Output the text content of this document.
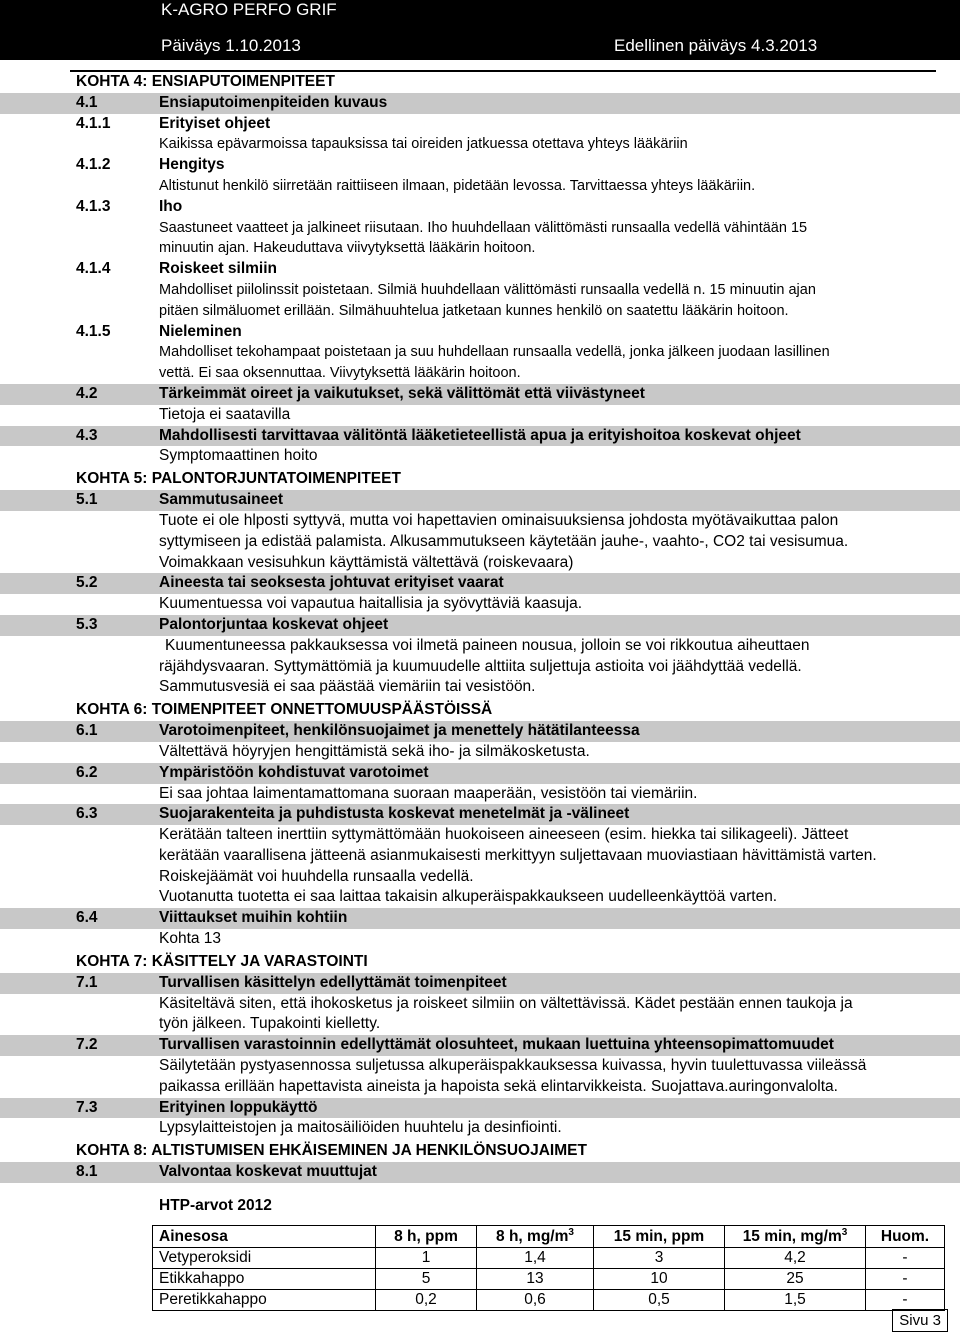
K-AGRO PERFO GRIF
Päiväys 1.10.2013	Edellinen päiväys 4.3.2013
KOHTA 4: ENSIAPUTOIMENPITEET
4.1	Ensiaputoimenpiteiden kuvaus
4.1.1	Erityiset ohjeet
Kaikissa epävarmoissa tapauksissa tai oireiden jatkuessa otettava yhteys lääkäriin
4.1.2	Hengitys
Altistunut henkilö siirretään raittiiseen ilmaan, pidetään levossa. Tarvittaessa yhteys lääkäriin.
4.1.3	Iho
Saastuneet vaatteet ja jalkineet riisutaan. Iho huuhdellaan välittömästi runsaalla vedellä vähintään 15
minuutin ajan. Hakeuduttava viivytyksettä lääkärin hoitoon.
4.1.4	Roiskeet silmiin
Mahdolliset piilolinssit poistetaan. Silmiä huuhdellaan välittömästi runsaalla vedellä n. 15 minuutin ajan
pitäen silmäluomet erillään. Silmähuuhtelua jatketaan kunnes henkilö on saatettu lääkärin hoitoon.
4.1.5	Nieleminen
Mahdolliset tekohampaat poistetaan ja suu huhdellaan runsaalla vedellä, jonka jälkeen juodaan lasillinen
vettä. Ei saa oksennuttaa. Viivytyksettä lääkärin hoitoon.
4.2	Tärkeimmät oireet ja vaikutukset, sekä välittömät että viivästyneet
Tietoja ei saatavilla
4.3	Mahdollisesti tarvittavaa välitöntä lääketieteellistä apua ja erityishoitoa koskevat ohjeet
Symptomaattinen hoito
KOHTA 5: PALONTORJUNTATOIMENPITEET
5.1	Sammutusaineet
Tuote ei ole hlposti syttyvä, mutta voi hapettavien ominaisuuksiensa johdosta myötävaikuttaa palon
syttymiseen ja edistää palamista. Alkusammutukseen käytetään jauhe-, vaahto-, CO2 tai vesisumua.
Voimakkaan vesisuhkun käyttämistä vältettävä (roiskevaara)
5.2	Aineesta tai seoksesta johtuvat erityiset vaarat
Kuumentuessa voi vapautua haitallisia ja syövyttäviä kaasuja.
5.3	Palontorjuntaa koskevat ohjeet
Kuumentuneessa pakkauksessa voi ilmetä paineen nousua, jolloin se voi rikkoutua aiheuttaen
räjähdysvaaran. Syttymättömiä ja kuumuudelle alttiita suljettuja astioita voi jäähdyttää vedellä.
Sammutusvesiä ei saa päästää viemäriin tai vesistöön.
KOHTA 6: TOIMENPITEET ONNETTOMUUSPÄÄSTÖISSÄ
6.1	Varotoimenpiteet, henkilönsuojaimet ja menettely hätätilanteessa
Vältettävä höyryjen hengittämistä sekä iho- ja silmäkosketusta.
6.2	Ympäristöön kohdistuvat varotoimet
Ei saa johtaa laimentamattomana suoraan maaperään, vesistöön tai viemäriin.
6.3	Suojarakenteita ja puhdistusta koskevat menetelmät ja -välineet
Kerätään talteen inerttiin syttymättömään huokoiseen aineeseen (esim. hiekka tai silikageeli). Jätteet
kerätään vaarallisena jätteenä asianmukaisesti merkittyyn suljettavaan muoviastiaan hävittämistä varten.
Roiskejäämät voi huuhdella runsaalla vedellä.
Vuotanutta tuotetta ei saa laittaa takaisin alkuperäispakkaukseen uudelleenkäyttöä varten.
6.4	Viittaukset muihin kohtiin
Kohta 13
KOHTA 7: KÄSITTELY JA VARASTOINTI
7.1	Turvallisen käsittelyn edellyttämät toimenpiteet
Käsiteltävä siten, että ihokosketus ja roiskeet silmiin on vältettävissä. Kädet pestään ennen taukoja ja
työn jälkeen. Tupakointi kielletty.
7.2	Turvallisen varastoinnin edellyttämät olosuhteet, mukaan luettuina yhteensopimattomuudet
Säilytetään pystyasennossa suljetussa alkuperäispakkauksessa kuivassa, hyvin tuulettuvassa viileässä
paikassa erillään hapettavista aineista ja hapoista sekä elintarvikkeista. Suojattava.auringonvalolta.
7.3	Erityinen loppukäyttö
Lypsylaitteistojen ja maitosäiliöiden huuhtelu ja desinfiointi.
KOHTA 8: ALTISTUMISEN EHKÄISEMINEN JA HENKILÖNSUOJAIMET
8.1	Valvontaa koskevat muuttujat
HTP-arvot 2012
Ainesosa	8 h, ppm	8 h, $mg/m^3$	15 min, ppm	15 min, $mg/m^3$	Huom.
Vetyperoksidi	1	1,4	3	4,2	-
Etikkahappo	5	13	10	25	-
Peretikkahappo	0,2	0,6	0,5	1,5	-
Sivu 3
